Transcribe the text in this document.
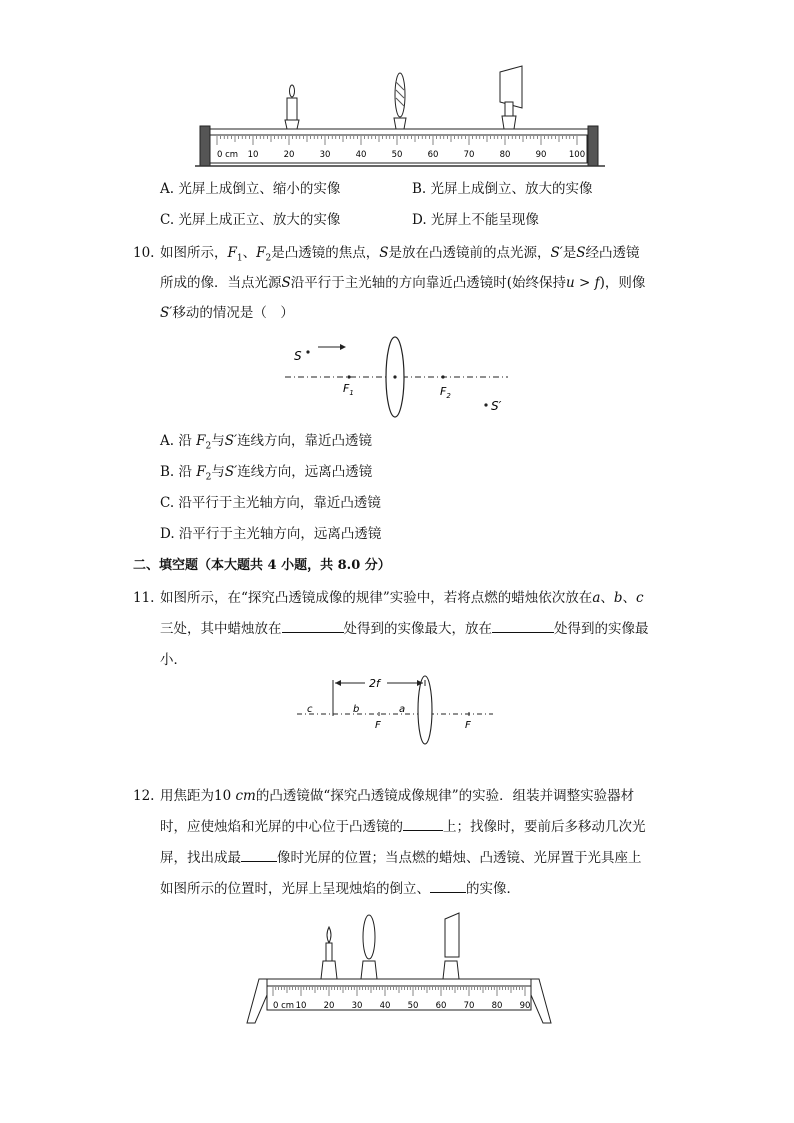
0 cm 10	20	30	40	50	60	70	80	90	100
A. 光屏上成倒立、缩小的实像	B. 光屏上成倒立、放大的实像
C. 光屏上成正立、放大的实像	D. 光屏上不能呈现像
10. 如图所示，$F_1$、$F_2$是凸透镜的焦点，S是放在凸透镜前的点光源，S′是S经凸透镜
所成的像．当点光源S沿平行于主光轴的方向靠近凸透镜时(始终保持u > f)，则像
S′移动的情况是（　）
S
$F_1$	$F_2$
S′
A. 沿 $F_2$与S′连线方向，靠近凸透镜
B. 沿 $F_2$与S′连线方向，远离凸透镜
C. 沿平行于主光轴方向，靠近凸透镜
D. 沿平行于主光轴方向，远离凸透镜
二、填空题（本大题共 4 小题，共 8.0 分）
11. 如图所示，在“探究凸透镜成像的规律”实验中，若将点燃的蜡烛依次放在a、b、c
三处，其中蜡烛放在	处得到的实像最大，放在	处得到的实像最
小．
2f
c	b	a
F	F
12. 用焦距为10 cm的凸透镜做“探究凸透镜成像规律”的实验．组装并调整实验器材
时，应使烛焰和光屏的中心位于凸透镜的	上；找像时，要前后多移动几次光
屏，找出成最	像时光屏的位置；当点燃的蜡烛、凸透镜、光屏置于光具座上
如图所示的位置时，光屏上呈现烛焰的倒立、	的实像．
0 cm 10 20 30 40 50 60 70 80 90
